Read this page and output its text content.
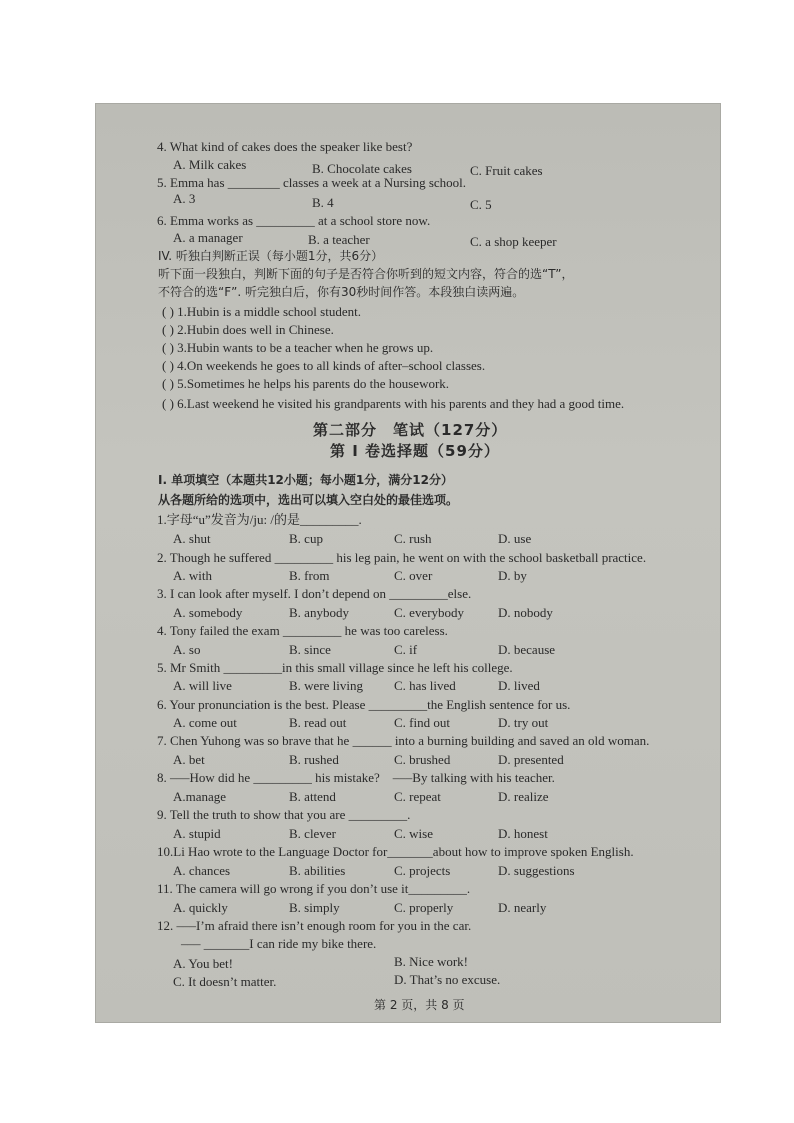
4. What kind of cakes does the speaker like best?
A. Milk cakes	B. Chocolate cakes	C. Fruit cakes
5. Emma has ________ classes a week at a Nursing school.
A. 3	B. 4	C. 5
6. Emma works as _________ at a school store now.
A. a manager	B. a teacher	C. a shop keeper
IV. 听独白判断正误（每小题1分，共6分）
听下面一段独白，判断下面的句子是否符合你听到的短文内容，符合的选“T”，
不符合的选“F”. 听完独白后，你有30秒时间作答。本段独白读两遍。
( ) 1.Hubin is a middle school student.
( ) 2.Hubin does well in Chinese.
( ) 3.Hubin wants to be a teacher when he grows up.
( ) 4.On weekends he goes to all kinds of after–school classes.
( ) 5.Sometimes he helps his parents do the housework.
( ) 6.Last weekend he visited his grandparents with his parents and they had a good time.
第二部分　笔试（127分）
第 Ⅰ 卷选择题（59分）
I. 单项填空（本题共12小题；每小题1分，满分12分）
从各题所给的选项中，选出可以填入空白处的最佳选项。
1.字母“u”发音为/ju: /的是_________.
A. shut	B. cup	C. rush	D. use
2. Though he suffered _________ his leg pain, he went on with the school basketball practice.
A. with	B. from	C. over	D. by
3. I can look after myself. I don’t depend on _________else.
A. somebody	B. anybody	C. everybody	D. nobody
4. Tony failed the exam _________ he was too careless.
A. so	B. since	C. if	D. because
5. Mr Smith _________in this small village since he left his college.
A. will live	B. were living C. has lived	D. lived
6. Your pronunciation is the best. Please _________the English sentence for us.
A. come out	B. read out	C. find out	D. try out
7. Chen Yuhong was so brave that he ______ into a burning building and saved an old woman.
A. bet	B. rushed	C. brushed	D. presented
8. –––How did he _________ his mistake?　–––By talking with his teacher.
A.manage	B. attend	C. repeat	D. realize
9. Tell the truth to show that you are _________.
A. stupid	B. clever	C. wise	D. honest
10.Li Hao wrote to the Language Doctor for_______about how to improve spoken English.
A. chances	B. abilities	C. projects	D. suggestions
11. The camera will go wrong if you don’t use it_________.
A. quickly	B. simply	C. properly	D. nearly
12. –––I’m afraid there isn’t enough room for you in the car.
––– _______I can ride my bike there.
A. You bet!	B. Nice work!
C. It doesn’t matter.	D. That’s no excuse.
第 2 页，共 8 页
